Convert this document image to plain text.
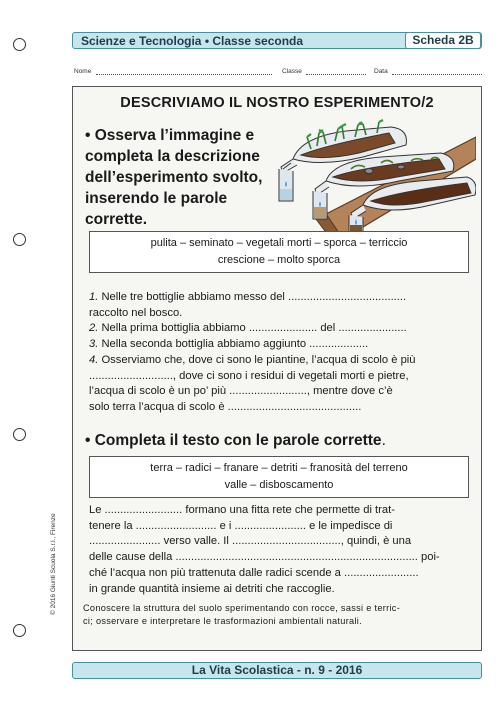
Scienze e Tecnologia • Classe seconda	Scheda 2B
Nome	Classe	Data
DESCRIVIAMO IL NOSTRO ESPERIMENTO/2
• Osserva l’immagine e
completa la descrizione
dell’esperimento svolto,
inserendo le parole
corrette.
pulita – seminato – vegetali morti – sporca – terriccio
crescione – molto sporca

1. Nelle tre bottiglie abbiamo messo del ......................................

raccolto nel bosco.

2. Nella prima bottiglia abbiamo ...................... del ......................

3. Nella seconda bottiglia abbiamo aggiunto ...................

4. Osserviamo che, dove ci sono le piantine, l’acqua di scolo è più

..........................., dove ci sono i residui di vegetali morti e pietre,

l’acqua di scolo è un po’ più ........................., mentre dove c’è

solo terra l’acqua di scolo è ...........................................

• Completa il testo con le parole corrette.
terra – radici – franare – detriti – franosità del terreno
valle – disboscamento

Le ......................... formano una fitta rete che permette di trat-

tenere la .......................... e i ....................... e le impedisce di

....................... verso valle. Il ..................................., quindi, è una

delle cause della .............................................................................. poi-

ché l’acqua non più trattenuta dalle radici scende a ........................

in grande quantità insieme ai detriti che raccoglie.

Conoscere la struttura del suolo sperimentando con rocce, sassi e terric-
ci; osservare e interpretare le trasformazioni ambientali naturali.
© 2016 Giunti Scuola S.r.l., Firenze
La Vita Scolastica - n. 9 - 2016
